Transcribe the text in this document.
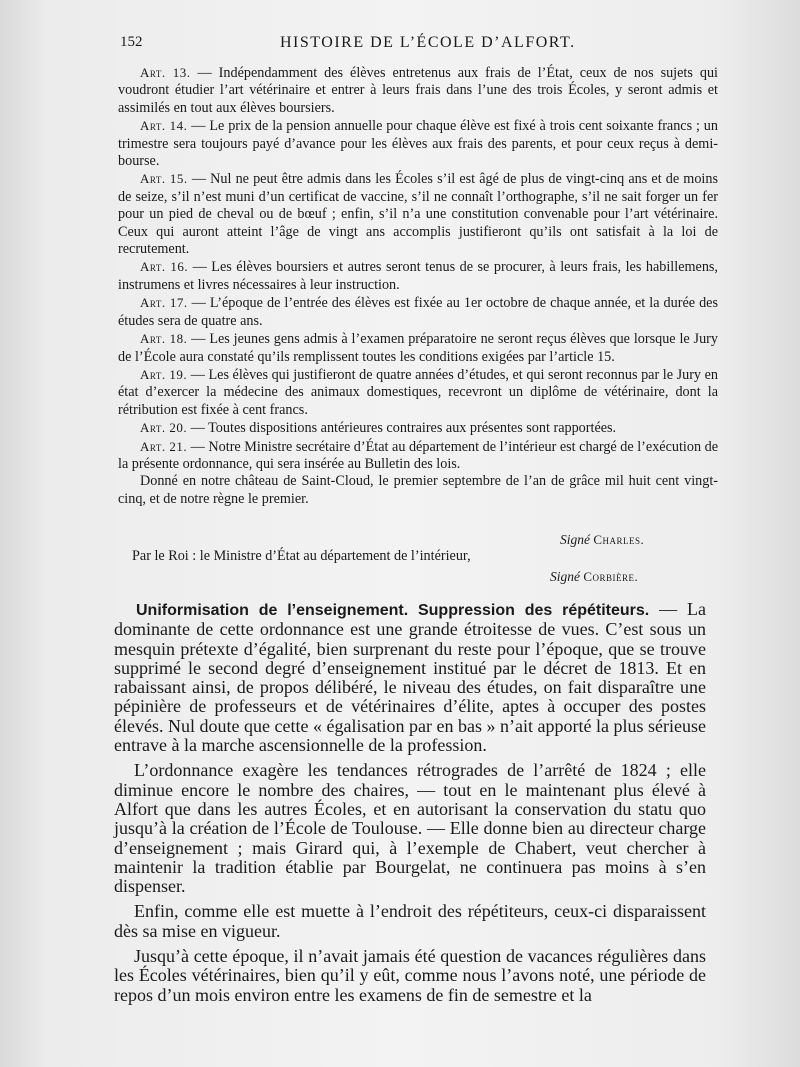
152	HISTOIRE DE L’ÉCOLE D’ALFORT.

Art. 13. — Indépendamment des élèves entretenus aux frais de l’État, ceux de nos sujets qui voudront étudier l’art vétérinaire et entrer à leurs frais dans l’une des trois Écoles, y seront admis et assimilés en tout aux élèves boursiers.

Art. 14. — Le prix de la pension annuelle pour chaque élève est fixé à trois cent soixante francs ; un trimestre sera toujours payé d’avance pour les élèves aux frais des parents, et pour ceux reçus à demi-bourse.

Art. 15. — Nul ne peut être admis dans les Écoles s’il est âgé de plus de vingt-cinq ans et de moins de seize, s’il n’est muni d’un certificat de vaccine, s’il ne connaît l’orthographe, s’il ne sait forger un fer pour un pied de cheval ou de bœuf ; enfin, s’il n’a une constitution convenable pour l’art vétérinaire. Ceux qui auront atteint l’âge de vingt ans accomplis justifieront qu’ils ont satisfait à la loi de recrutement.

Art. 16. — Les élèves boursiers et autres seront tenus de se procurer, à leurs frais, les habillemens, instrumens et livres nécessaires à leur instruction.

Art. 17. — L’époque de l’entrée des élèves est fixée au 1er octobre de chaque année, et la durée des études sera de quatre ans.

Art. 18. — Les jeunes gens admis à l’examen préparatoire ne seront reçus élèves que lorsque le Jury de l’École aura constaté qu’ils remplissent toutes les conditions exigées par l’article 15.

Art. 19. — Les élèves qui justifieront de quatre années d’études, et qui seront reconnus par le Jury en état d’exercer la médecine des animaux domestiques, recevront un diplôme de vétérinaire, dont la rétribution est fixée à cent francs.

Art. 20. — Toutes dispositions antérieures contraires aux présentes sont rapportées.

Art. 21. — Notre Ministre secrétaire d’État au département de l’intérieur est chargé de l’exécution de la présente ordonnance, qui sera insérée au Bulletin des lois.

Donné en notre château de Saint-Cloud, le premier septembre de l’an de grâce mil huit cent vingt-cinq, et de notre règne le premier.

Signé Charles.
Par le Roi : le Ministre d’État au département de l’intérieur,
Signé Corbière.

Uniformisation de l’enseignement. Suppression des répétiteurs. — La dominante de cette ordonnance est une grande étroitesse de vues. C’est sous un mesquin prétexte d’égalité, bien surprenant du reste pour l’époque, que se trouve supprimé le second degré d’enseignement institué par le décret de 1813. Et en rabaissant ainsi, de propos délibéré, le niveau des études, on fait disparaître une pépinière de professeurs et de vétérinaires d’élite, aptes à occuper des postes élevés. Nul doute que cette « égalisation par en bas » n’ait apporté la plus sérieuse entrave à la marche ascensionnelle de la profession.

L’ordonnance exagère les tendances rétrogrades de l’arrêté de 1824 ; elle diminue encore le nombre des chaires, — tout en le maintenant plus élevé à Alfort que dans les autres Écoles, et en autorisant la conservation du statu quo jusqu’à la création de l’École de Toulouse. — Elle donne bien au directeur charge d’enseignement ; mais Girard qui, à l’exemple de Chabert, veut chercher à maintenir la tradition établie par Bourgelat, ne continuera pas moins à s’en dispenser.

Enfin, comme elle est muette à l’endroit des répétiteurs, ceux-ci disparaissent dès sa mise en vigueur.

Jusqu’à cette époque, il n’avait jamais été question de vacances régulières dans les Écoles vétérinaires, bien qu’il y eût, comme nous l’avons noté, une période de repos d’un mois environ entre les examens de fin de semestre et la
